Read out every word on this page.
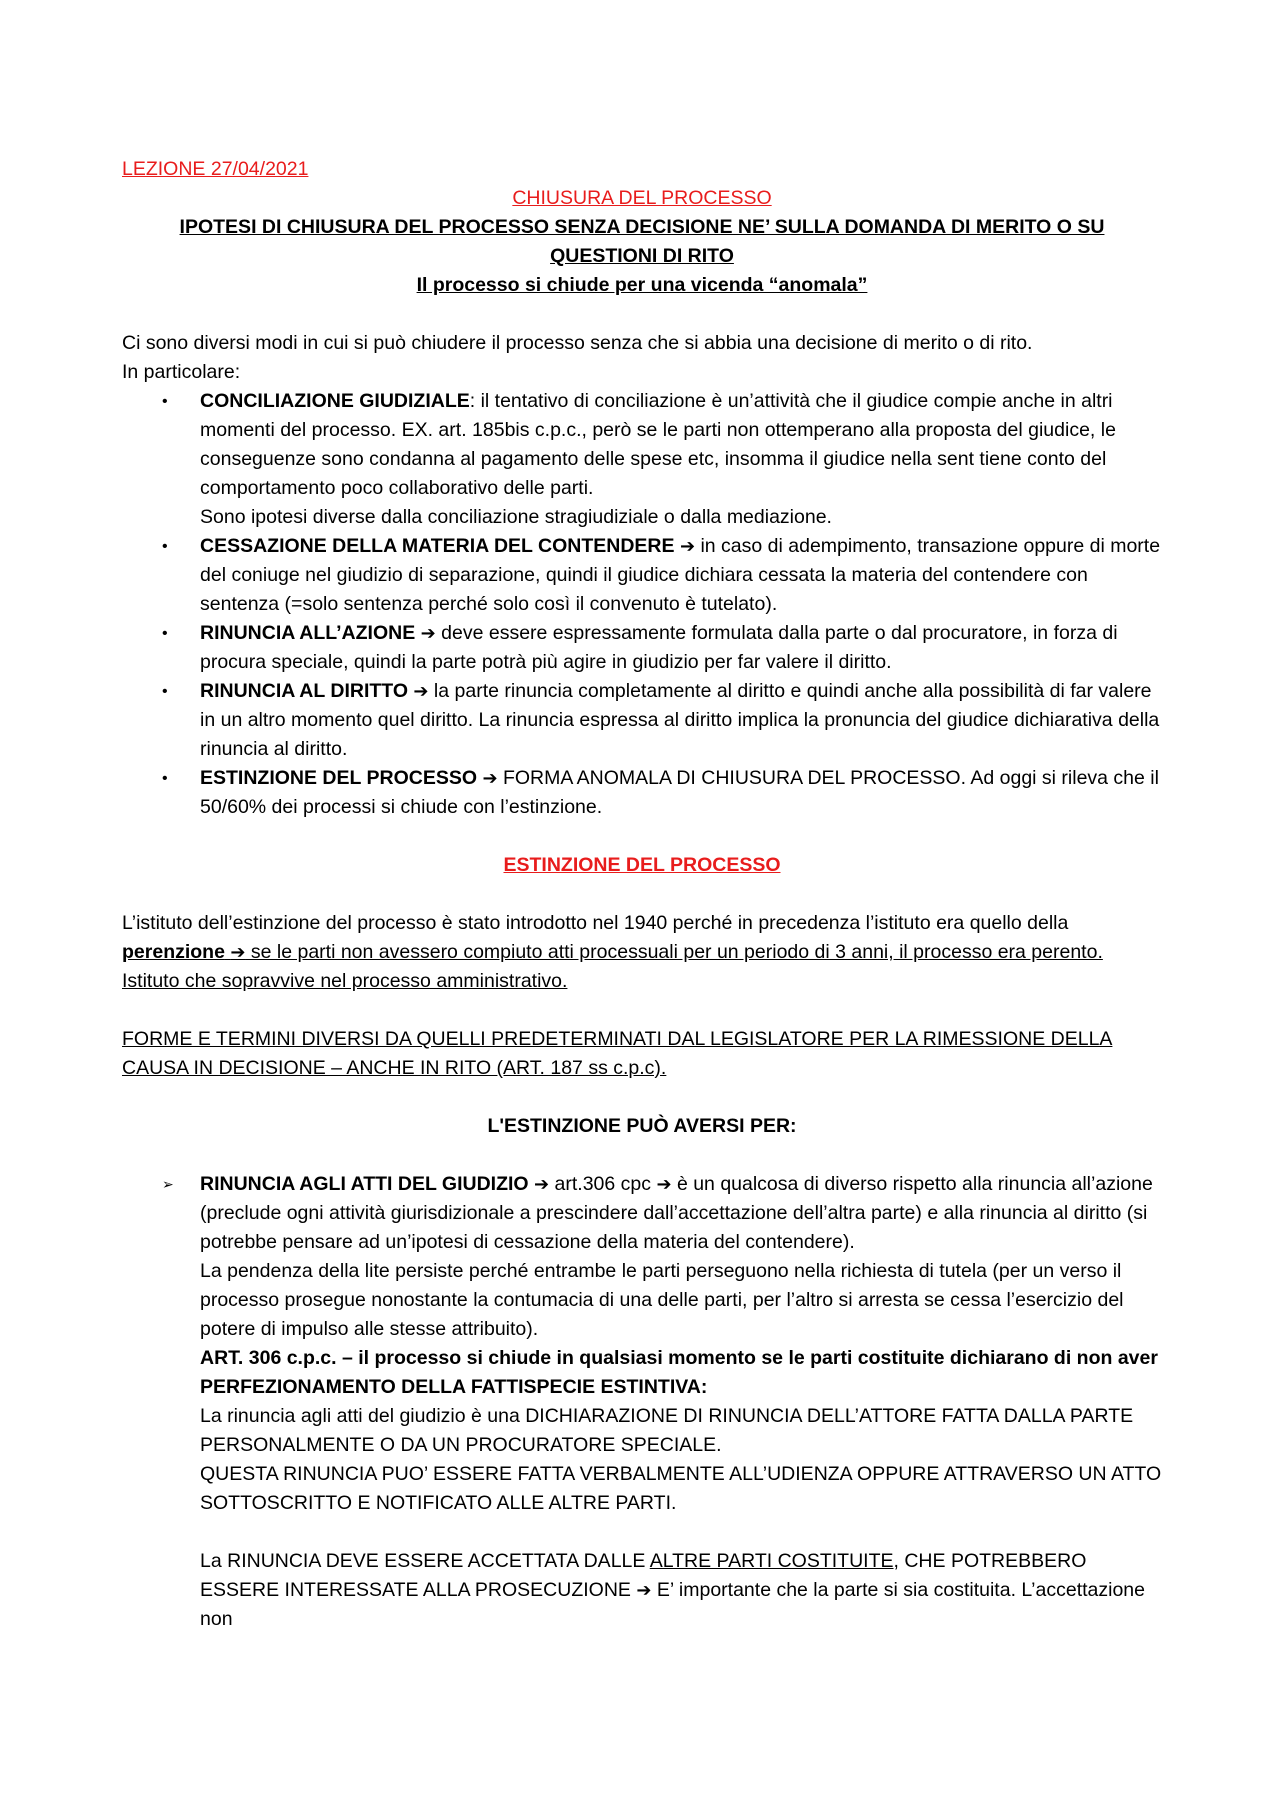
LEZIONE 27/04/2021
CHIUSURA DEL PROCESSO
IPOTESI DI CHIUSURA DEL PROCESSO SENZA DECISIONE NE’ SULLA DOMANDA DI MERITO O SU
QUESTIONI DI RITO
Il processo si chiude per una vicenda “anomala”

Ci sono diversi modi in cui si può chiudere il processo senza che si abbia una decisione di merito o di rito.

In particolare:

•	CONCILIAZIONE GIUDIZIALE: il tentativo di conciliazione è un’attività che il giudice compie anche in altri momenti del processo. EX. art. 185bis c.p.c., però se le parti non ottemperano alla proposta del giudice, le conseguenze sono condanna al pagamento delle spese etc, insomma il giudice nella sent tiene conto del comportamento poco collaborativo delle parti.
Sono ipotesi diverse dalla conciliazione stragiudiziale o dalla mediazione.
•	CESSAZIONE DELLA MATERIA DEL CONTENDERE ➔ in caso di adempimento, transazione oppure di morte del coniuge nel giudizio di separazione, quindi il giudice dichiara cessata la materia del contendere con sentenza (=solo sentenza perché solo così il convenuto è tutelato).
•	RINUNCIA ALL’AZIONE ➔ deve essere espressamente formulata dalla parte o dal procuratore, in forza di procura speciale, quindi la parte potrà più agire in giudizio per far valere il diritto.
•	RINUNCIA AL DIRITTO ➔ la parte rinuncia completamente al diritto e quindi anche alla possibilità di far valere in un altro momento quel diritto. La rinuncia espressa al diritto implica la pronuncia del giudice dichiarativa della rinuncia al diritto.
•	ESTINZIONE DEL PROCESSO ➔ FORMA ANOMALA DI CHIUSURA DEL PROCESSO. Ad oggi si rileva che il 50/60% dei processi si chiude con l’estinzione.
ESTINZIONE DEL PROCESSO

L’istituto dell’estinzione del processo è stato introdotto nel 1940 perché in precedenza l’istituto era quello della perenzione ➔ se le parti non avessero compiuto atti processuali per un periodo di 3 anni, il processo era perento. Istituto che sopravvive nel processo amministrativo.

FORME E TERMINI DIVERSI DA QUELLI PREDETERMINATI DAL LEGISLATORE PER LA RIMESSIONE DELLA CAUSA IN DECISIONE – ANCHE IN RITO (ART. 187 ss c.p.c).

L'ESTINZIONE PUÒ AVERSI PER:
➢	RINUNCIA AGLI ATTI DEL GIUDIZIO ➔ art.306 cpc ➔ è un qualcosa di diverso rispetto alla rinuncia all’azione (preclude ogni attività giurisdizionale a prescindere dall’accettazione dell’altra parte) e alla rinuncia al diritto (si potrebbe pensare ad un’ipotesi di cessazione della materia del contendere).
La pendenza della lite persiste perché entrambe le parti perseguono nella richiesta di tutela (per un verso il processo prosegue nonostante la contumacia di una delle parti, per l’altro si arresta se cessa l’esercizio del potere di impulso alle stesse attribuito).
ART. 306 c.p.c. – il processo si chiude in qualsiasi momento se le parti costituite dichiarano di non aver
PERFEZIONAMENTO DELLA FATTISPECIE ESTINTIVA:
La rinuncia agli atti del giudizio è una DICHIARAZIONE DI RINUNCIA DELL’ATTORE FATTA DALLA PARTE PERSONALMENTE O DA UN PROCURATORE SPECIALE.
QUESTA RINUNCIA PUO’ ESSERE FATTA VERBALMENTE ALL’UDIENZA OPPURE ATTRAVERSO UN ATTO SOTTOSCRITTO E NOTIFICATO ALLE ALTRE PARTI.

La RINUNCIA DEVE ESSERE ACCETTATA DALLE ALTRE PARTI COSTITUITE, CHE POTREBBERO ESSERE INTERESSATE ALLA PROSECUZIONE ➔ E’ importante che la parte si sia costituita. L’accettazione non
